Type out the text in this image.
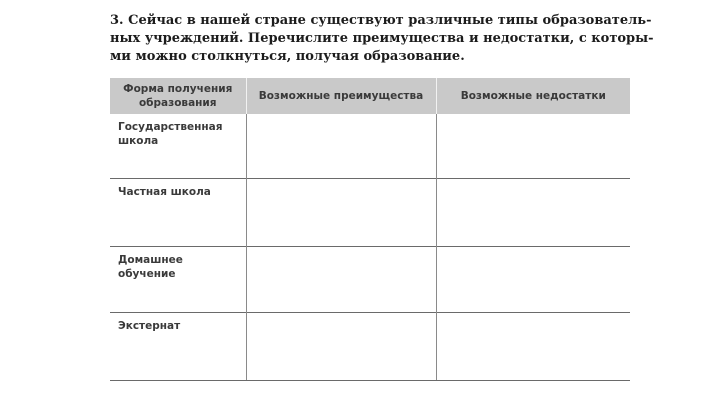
3. Сейчас в нашей стране существуют различные типы образователь-
ных учреждений. Перечислите преимущества и недостатки, с которы-
ми можно столкнуться, получая образование.
Форма получения образования	Возможные преимущества	Возможные недостатки
Государственная школа		
Частная школа		
Домашнее обучение		
Экстернат		
